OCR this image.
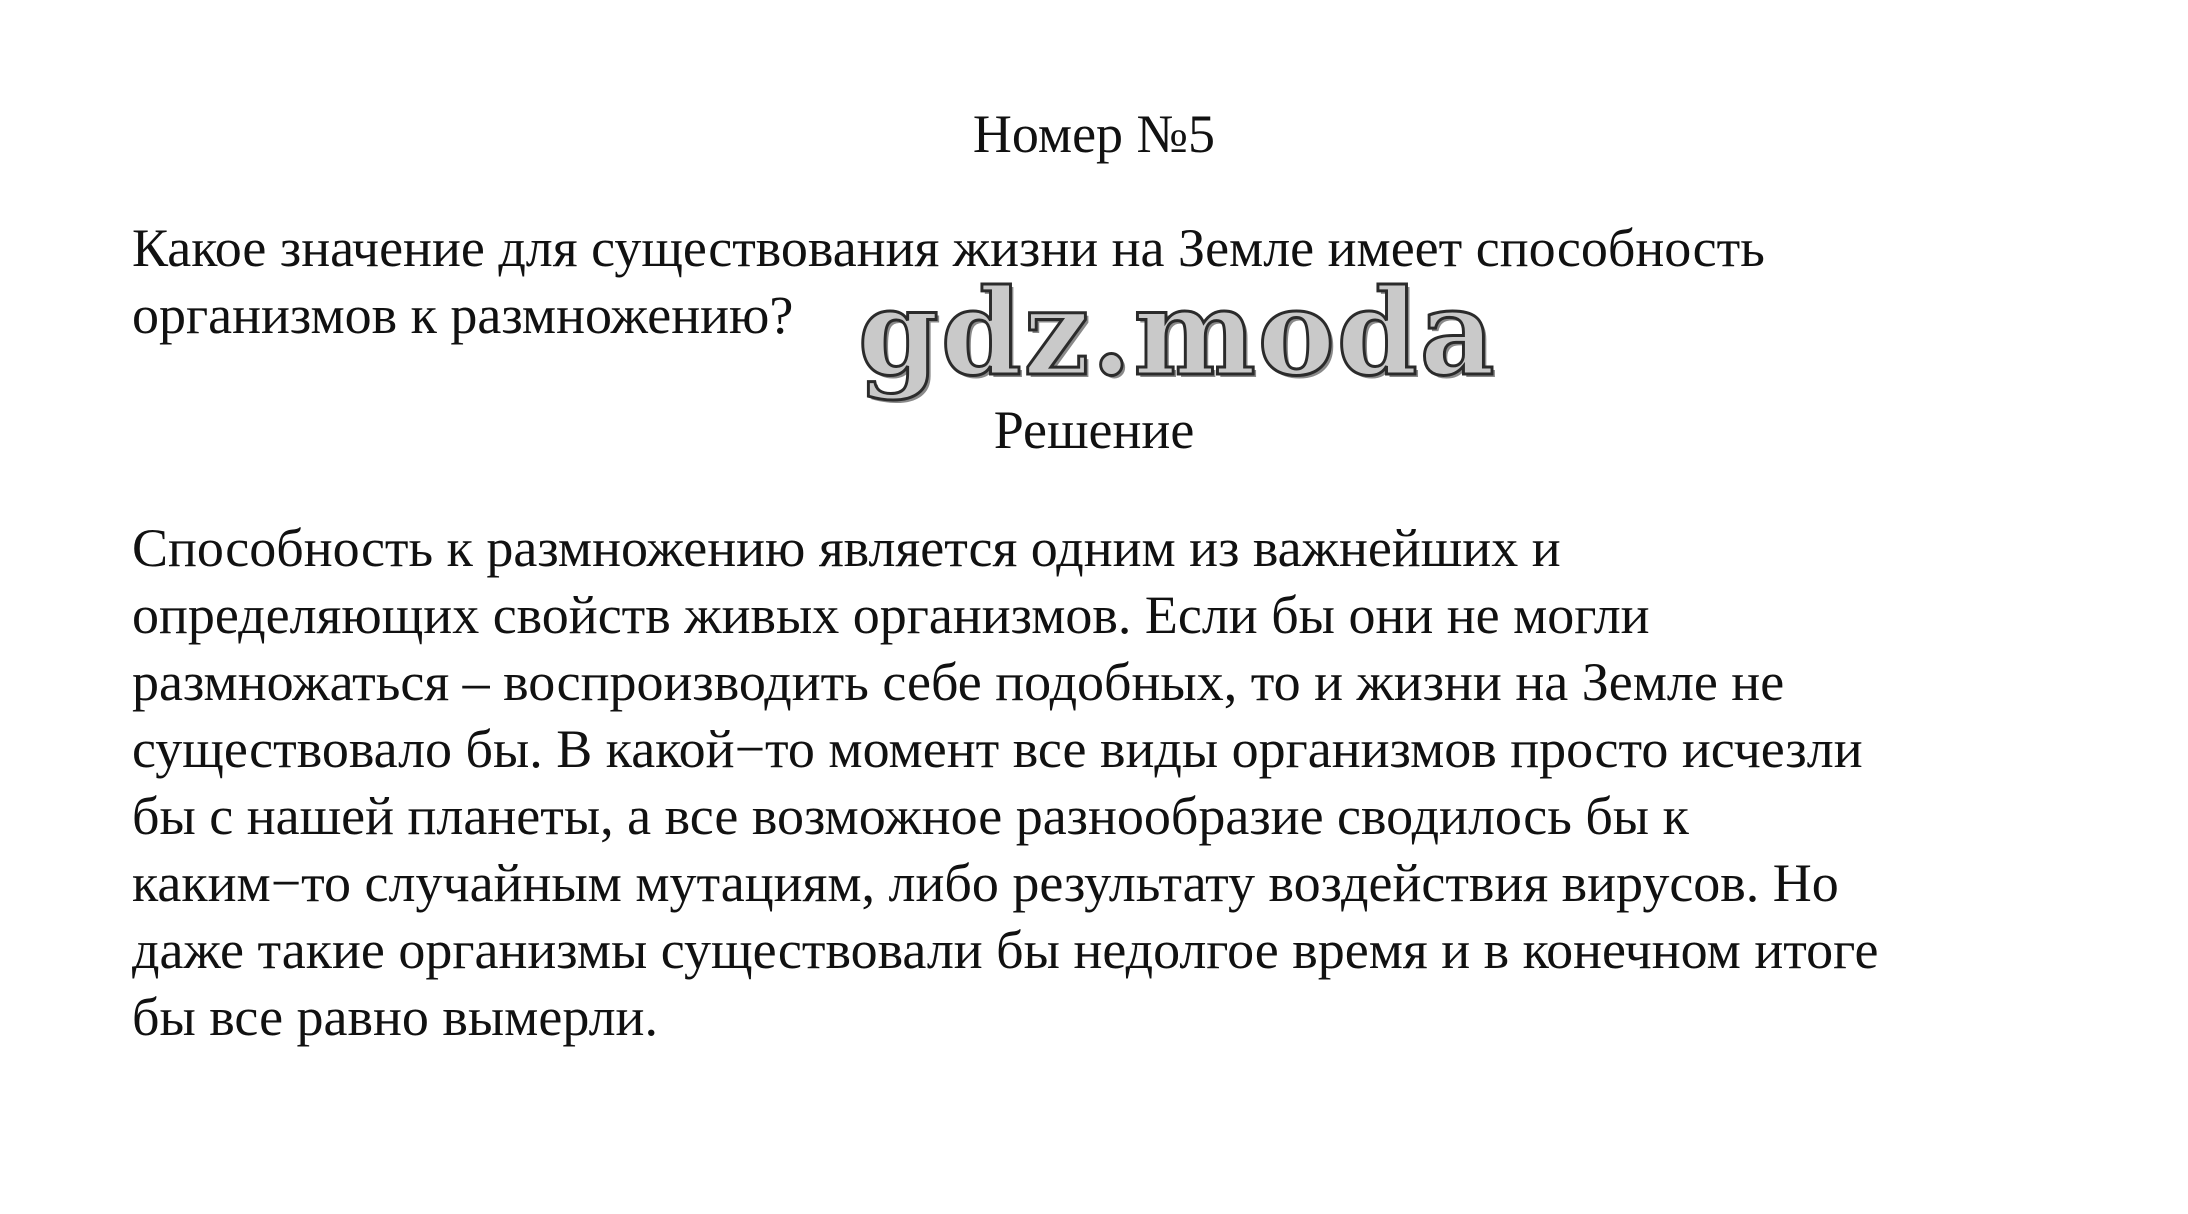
Номер №5
Какое значение для существования жизни на Земле имеет способность
организмов к размножению? gdz.moda
Решение
Способность к размножению является одним из важнейших и
определяющих свойств живых организмов. Если бы они не могли
размножаться – воспроизводить себе подобных, то и жизни на Земле не
существовало бы. В какой−то момент все виды организмов просто исчезли
бы с нашей планеты, а все возможное разнообразие сводилось бы к
каким−то случайным мутациям, либо результату воздействия вирусов. Но
даже такие организмы существовали бы недолгое время и в конечном итоге
бы все равно вымерли.
